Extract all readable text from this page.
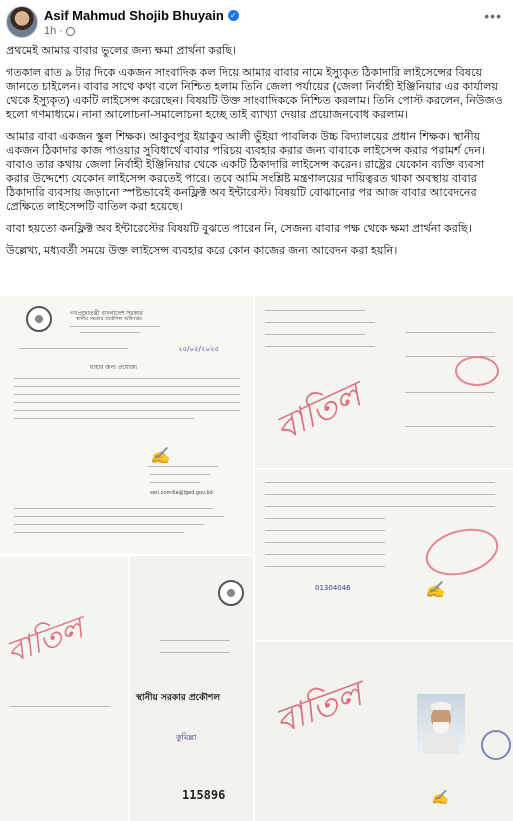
Asif Mahmud Shojib Bhuyain ✓
1h ·
•••

প্রথমেই আমার বাবার ভুলের জন্য ক্ষমা প্রার্থনা করছি।

গতকাল রাত ৯ টার দিকে একজন সাংবাদিক কল দিয়ে আমার বাবার নামে ইস্যুকৃত ঠিকাদারি লাইসেন্সের বিষয়ে জানতে চাইলেন। বাবার সাথে কথা বলে নিশ্চিত হলাম তিনি জেলা পর্যায়ের (জেলা নির্বাহী ইঞ্জিনিয়ার এর কার্যালয় থেকে ইস্যুকৃত) একটি লাইসেন্স করেছেন। বিষয়টি উক্ত সাংবাদিককে নিশ্চিত করলাম। তিনি পোস্ট করলেন, নিউজও হলো গণমাধ্যমে। নানা আলোচনা-সমালোচনা হচ্ছে তাই ব্যাখ্যা দেয়ার প্রয়োজনবোধ করলাম।

আমার বাবা একজন স্কুল শিক্ষক। আকুবপুর ইয়াকুব আলী ভুঁইয়া পাবলিক উচ্চ বিদ্যালয়ের প্রধান শিক্ষক। স্থানীয় একজন ঠিকাদার কাজ পাওয়ার সুবিধার্থে বাবার পরিচয় ব্যবহার করার জন্য বাবাকে লাইসেন্স করার পরামর্শ দেন। বাবাও তার কথায় জেলা নির্বাহী ইঞ্জিনিয়ার থেকে একটি ঠিকাদারি লাইসেন্স করেন। রাষ্ট্রের যেকোন ব্যক্তি ব্যবসা করার উদ্দেশ্যে যেকোন লাইসেন্স করতেই পারে। তবে আমি সংশ্লিষ্ট মন্ত্রণালয়ের দায়িত্বরত থাকা অবস্থায় বাবার ঠিকাদারি ব্যবসায় জড়ানো স্পষ্টভাবেই কনফ্লিক্ট অব ইন্টারেস্ট। বিষয়টি বোঝানোর পর আজ বাবার আবেদনের প্রেক্ষিতে লাইসেন্সটি বাতিল করা হয়েছে।

বাবা হয়তো কনফ্লিক্ট অব ইন্টারেস্টের বিষয়টি বুঝতে পারেন নি, সেজন্য বাবার পক্ষ থেকে ক্ষমা প্রার্থনা করছি।

উল্লেখ্য, মধ্যবর্তী সময়ে উক্ত লাইসেন্স ব্যবহার করে কোন কাজের জন্য আবেদন করা হয়নি।

গণপ্রজাতন্ত্রী বাংলাদেশ সরকার
স্থানীয় সরকার প্রকৌশল অধিদপ্তর
২৫/০৫/২০২৫
যাহার জন্য প্রযোজ্য
✍
xen.comilla@lged.gov.bd
বাতিল
01304046	✍
বাতিল
স্থানীয় সরকার প্রকৌশল
কুমিল্লা
115896
বাতিল
✍
